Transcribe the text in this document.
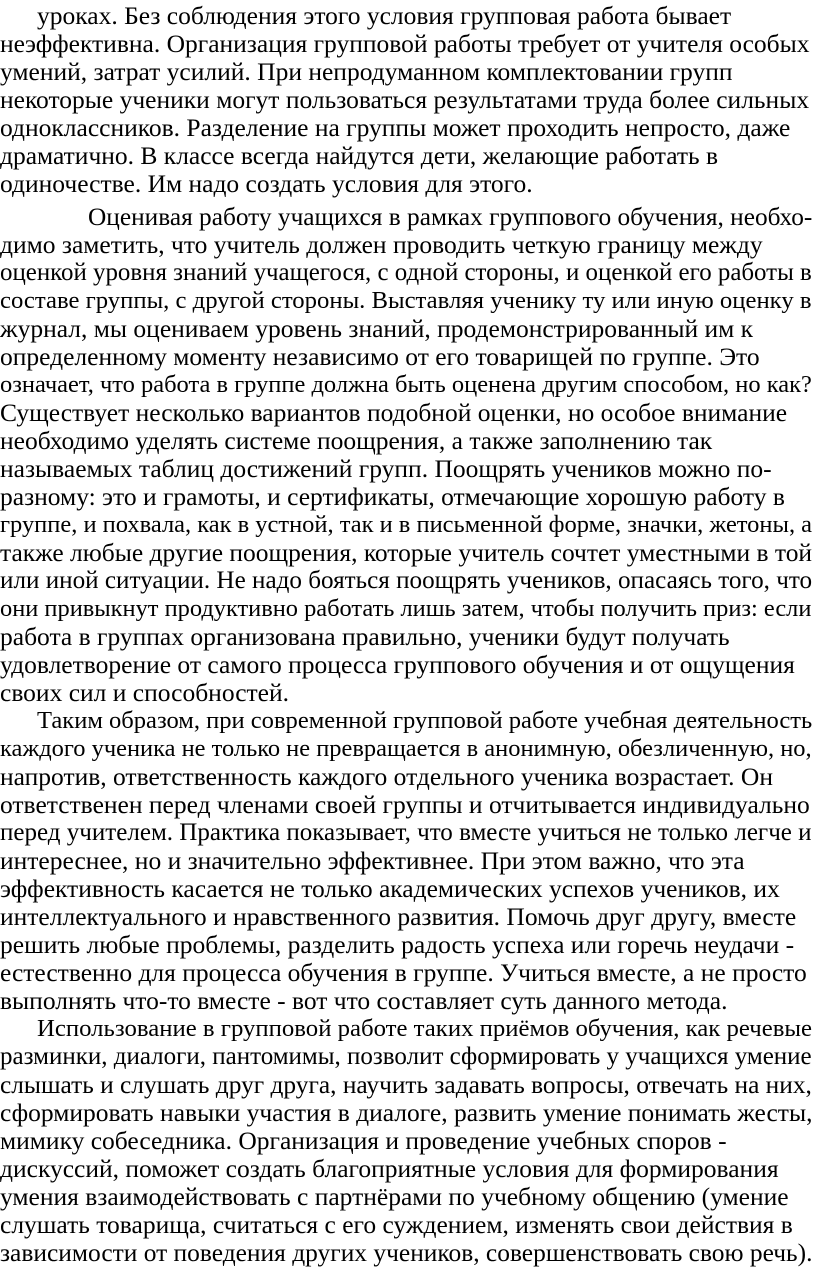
уроках. Без соблюдения этого условия групповая работа бывает

неэффективна. Организация групповой работы требует от учителя особых

умений, затрат усилий. При непродуманном комплектовании групп

некоторые ученики могут пользоваться результатами труда более сильных

одноклассников. Разделение на группы может проходить непросто, даже

драматично. В классе всегда найдутся дети, желающие работать в

одиночестве. Им надо создать условия для этого.

Оценивая работу учащихся в рамках группового обучения, необхо-

димо заметить, что учитель должен проводить четкую границу между

оценкой уровня знаний учащегося, с одной стороны, и оценкой его работы в

составе группы, с другой стороны. Выставляя ученику ту или иную оценку в

журнал, мы оцениваем уровень знаний, продемонстрированный им к

определенному моменту независимо от его товарищей по группе. Это

означает, что работа в группе должна быть оценена другим способом, но как?

Существует несколько вариантов подобной оценки, но особое внимание

необходимо уделять системе поощрения, а также заполнению так

называемых таблиц достижений групп. Поощрять учеников можно по-

разному: это и грамоты, и сертификаты, отмечающие хорошую работу в

группе, и похвала, как в устной, так и в письменной форме, значки, жетоны, а

также любые другие поощрения, которые учитель сочтет уместными в той

или иной ситуации. Не надо бояться поощрять учеников, опасаясь того, что

они привыкнут продуктивно работать лишь затем, чтобы получить приз: если

работа в группах организована правильно, ученики будут получать

удовлетворение от самого процесса группового обучения и от ощущения

своих сил и способностей.

Таким образом, при современной групповой работе учебная деятельность

каждого ученика не только не превращается в анонимную, обезличенную, но,

напротив, ответственность каждого отдельного ученика возрастает. Он

ответственен перед членами своей группы и отчитывается индивидуально

перед учителем. Практика показывает, что вместе учиться не только легче и

интереснее, но и значительно эффективнее. При этом важно, что эта

эффективность касается не только академических успехов учеников, их

интеллектуального и нравственного развития. Помочь друг другу, вместе

решить любые проблемы, разделить радость успеха или горечь неудачи -

естественно для процесса обучения в группе. Учиться вместе, а не просто

выполнять что-то вместе - вот что составляет суть данного метода.

Использование в групповой работе таких приёмов обучения, как речевые

разминки, диалоги, пантомимы, позволит сформировать у учащихся умение

слышать и слушать друг друга, научить задавать вопросы, отвечать на них,

сформировать навыки участия в диалоге, развить умение понимать жесты,

мимику собеседника. Организация и проведение учебных споров -

дискуссий, поможет создать благоприятные условия для формирования

умения взаимодействовать с партнёрами по учебному общению (умение

слушать товарища, считаться с его суждением, изменять свои действия в

зависимости от поведения других учеников, совершенствовать свою речь).
